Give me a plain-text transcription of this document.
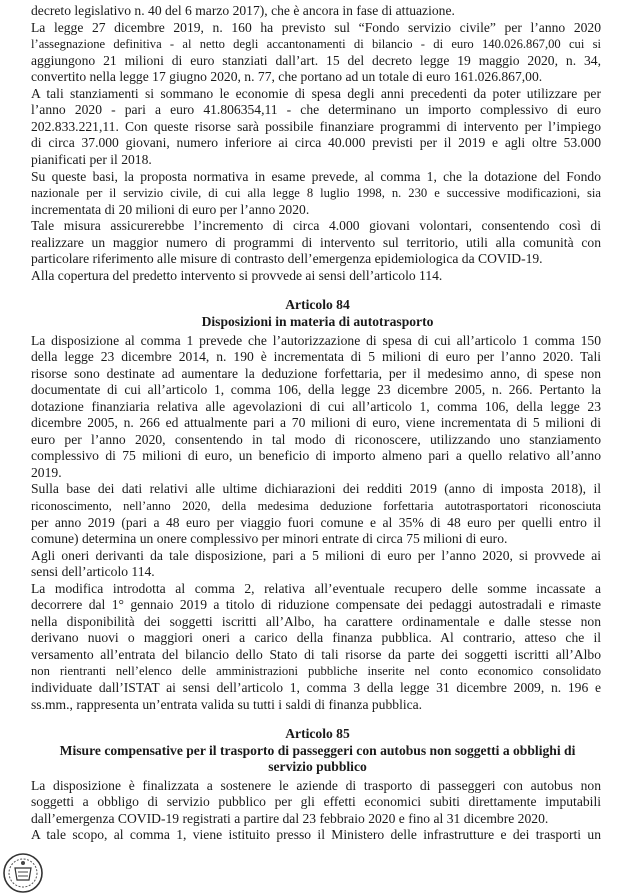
decreto legislativo n. 40 del 6 marzo 2017), che è ancora in fase di attuazione.
La legge 27 dicembre 2019, n. 160 ha previsto sul “Fondo servizio civile” per l’anno 2020
l’assegnazione definitiva - al netto degli accantonamenti di bilancio - di euro 140.026.867,00 cui si
aggiungono 21 milioni di euro stanziati dall’art. 15 del decreto legge 19 maggio 2020, n. 34,
convertito nella legge 17 giugno 2020, n. 77, che portano ad un totale di euro 161.026.867,00.
A tali stanziamenti si sommano le economie di spesa degli anni precedenti da poter utilizzare per
l’anno 2020 - pari a euro 41.806354,11 - che determinano un importo complessivo di euro
202.833.221,11. Con queste risorse sarà possibile finanziare programmi di intervento per l’impiego
di circa 37.000 giovani, numero inferiore ai circa 40.000 previsti per il 2019 e agli oltre 53.000
pianificati per il 2018.
Su queste basi, la proposta normativa in esame prevede, al comma 1, che la dotazione del Fondo
nazionale per il servizio civile, di cui alla legge 8 luglio 1998, n. 230 e successive modificazioni, sia
incrementata di 20 milioni di euro per l’anno 2020.
Tale misura assicurerebbe l’incremento di circa 4.000 giovani volontari, consentendo così di
realizzare un maggior numero di programmi di intervento sul territorio, utili alla comunità con
particolare riferimento alle misure di contrasto dell’emergenza epidemiologica da COVID-19.
Alla copertura del predetto intervento si provvede ai sensi dell’articolo 114.
Articolo 84
Disposizioni in materia di autotrasporto
La disposizione al comma 1 prevede che l’autorizzazione di spesa di cui all’articolo 1 comma 150
della legge 23 dicembre 2014, n. 190 è incrementata di 5 milioni di euro per l’anno 2020. Tali
risorse sono destinate ad aumentare la deduzione forfettaria, per il medesimo anno, di spese non
documentate di cui all’articolo 1, comma 106, della legge 23 dicembre 2005, n. 266. Pertanto la
dotazione finanziaria relativa alle agevolazioni di cui all’articolo 1, comma 106, della legge 23
dicembre 2005, n. 266 ed attualmente pari a 70 milioni di euro, viene incrementata di 5 milioni di
euro per l’anno 2020, consentendo in tal modo di riconoscere, utilizzando uno stanziamento
complessivo di 75 milioni di euro, un beneficio di importo almeno pari a quello relativo all’anno
2019.
Sulla base dei dati relativi alle ultime dichiarazioni dei redditi 2019 (anno di imposta 2018), il
riconoscimento, nell’anno 2020, della medesima deduzione forfettaria autotrasportatori riconosciuta
per anno 2019 (pari a 48 euro per viaggio fuori comune e al 35% di 48 euro per quelli entro il
comune) determina un onere complessivo per minori entrate di circa 75 milioni di euro.
Agli oneri derivanti da tale disposizione, pari a 5 milioni di euro per l’anno 2020, si provvede ai
sensi dell’articolo 114.
La modifica introdotta al comma 2, relativa all’eventuale recupero delle somme incassate a
decorrere dal 1° gennaio 2019 a titolo di riduzione compensate dei pedaggi autostradali e rimaste
nella disponibilità dei soggetti iscritti all’Albo, ha carattere ordinamentale e dalle stesse non
derivano nuovi o maggiori oneri a carico della finanza pubblica. Al contrario, atteso che il
versamento all’entrata del bilancio dello Stato di tali risorse da parte dei soggetti iscritti all’Albo
non rientranti nell’elenco delle amministrazioni pubbliche inserite nel conto economico consolidato
individuate dall’ISTAT ai sensi dell’articolo 1, comma 3 della legge 31 dicembre 2009, n. 196 e
ss.mm., rappresenta un’entrata valida su tutti i saldi di finanza pubblica.
Articolo 85
Misure compensative per il trasporto di passeggeri con autobus non soggetti a obblighi di
servizio pubblico
La disposizione è finalizzata a sostenere le aziende di trasporto di passeggeri con autobus non
soggetti a obbligo di servizio pubblico per gli effetti economici subiti direttamente imputabili
dall’emergenza COVID-19 registrati a partire dal 23 febbraio 2020 e fino al 31 dicembre 2020.
A tale scopo, al comma 1, viene istituito presso il Ministero delle infrastrutture e dei trasporti un
